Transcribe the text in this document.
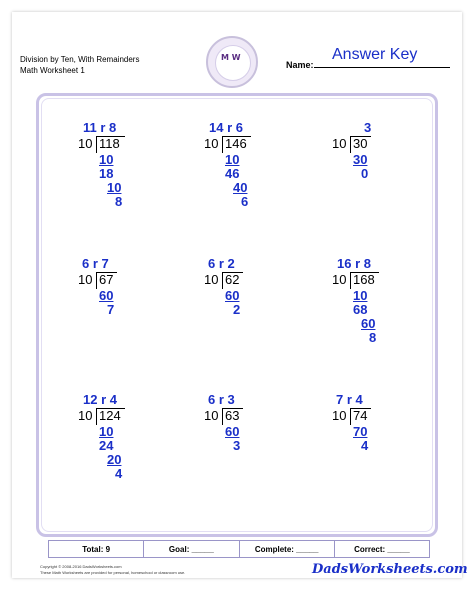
Division by Ten, With Remainders
Math Worksheet 1
M W	Answer Key
Name:
10 118
11 r 8
10
18
10
8
10 146
14 r 6
10
46
40
6
10 30
3
30
0
10 67
6 r 7
60
7
10 62
6 r 2
60
2
10 168
16 r 8
10
68
60
8
10 124
12 r 4
10
24
20
4
10 63
6 r 3
60
3
10 74
7 r 4
70
4
Total: 9	Goal: _____	Complete: _____	Correct: _____
Copyright © 2008-2016 DadsWorksheets.com
These Math Worksheets are provided for personal, homeschool or classroom use.	DadsWorksheets.com
